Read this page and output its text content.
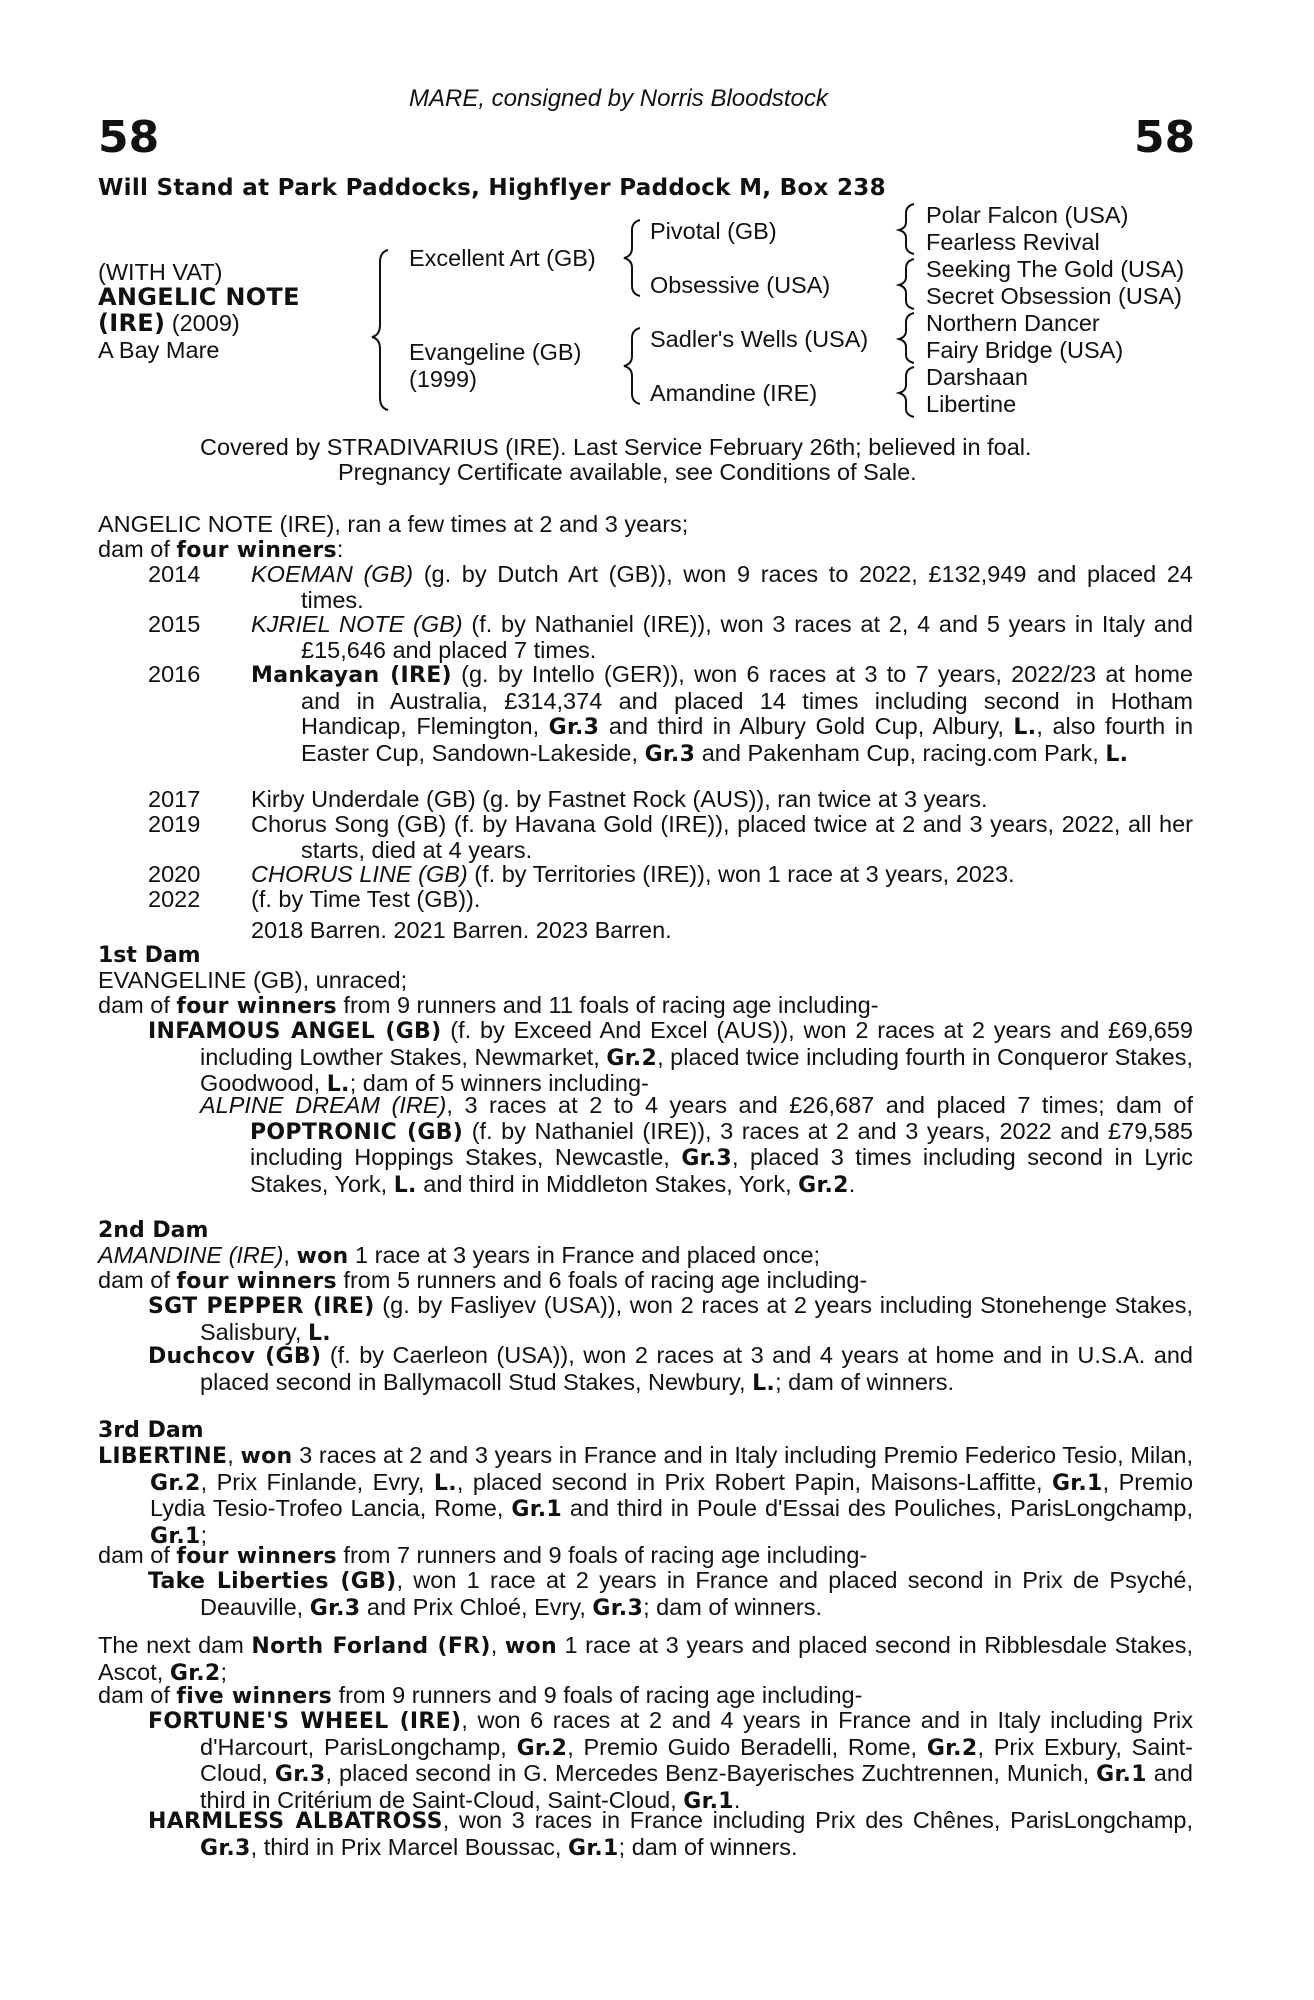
MARE, consigned by Norris Bloodstock
58	58
Will Stand at Park Paddocks, Highflyer Paddock M, Box 238
(WITH VAT)
ANGELIC NOTE
(IRE) (2009)
A Bay Mare
Excellent Art (GB)
Evangeline (GB)
(1999)
Pivotal (GB)
Obsessive (USA)
Sadler's Wells (USA)
Amandine (IRE)
Polar Falcon (USA)
Fearless Revival
Seeking The Gold (USA)
Secret Obsession (USA)
Northern Dancer
Fairy Bridge (USA)
Darshaan
Libertine
Covered by STRADIVARIUS (IRE). Last Service February 26th; believed in foal.
Pregnancy Certificate available, see Conditions of Sale.
ANGELIC NOTE (IRE), ran a few times at 2 and 3 years;
dam of four winners:
2014 KOEMAN (GB) (g. by Dutch Art (GB)), won 9 races to 2022, £132,949 and placed 24 times.
2015 KJRIEL NOTE (GB) (f. by Nathaniel (IRE)), won 3 races at 2, 4 and 5 years in Italy and £15,646 and placed 7 times.
2016 Mankayan (IRE) (g. by Intello (GER)), won 6 races at 3 to 7 years, 2022/23 at home and in Australia, £314,374 and placed 14 times including second in Hotham Handicap, Flemington, Gr.3 and third in Albury Gold Cup, Albury, L., also fourth in Easter Cup, Sandown-Lakeside, Gr.3 and Pakenham Cup, racing.com Park, L.
2017 Kirby Underdale (GB) (g. by Fastnet Rock (AUS)), ran twice at 3 years.
2019 Chorus Song (GB) (f. by Havana Gold (IRE)), placed twice at 2 and 3 years, 2022, all her starts, died at 4 years.
2020 CHORUS LINE (GB) (f. by Territories (IRE)), won 1 race at 3 years, 2023.
2022 (f. by Time Test (GB)).
2018 Barren. 2021 Barren. 2023 Barren.
1st Dam
EVANGELINE (GB), unraced;
dam of four winners from 9 runners and 11 foals of racing age including-
INFAMOUS ANGEL (GB) (f. by Exceed And Excel (AUS)), won 2 races at 2 years and £69,659 including Lowther Stakes, Newmarket, Gr.2, placed twice including fourth in Conqueror Stakes, Goodwood, L.; dam of 5 winners including-
ALPINE DREAM (IRE), 3 races at 2 to 4 years and £26,687 and placed 7 times; dam of POPTRONIC (GB) (f. by Nathaniel (IRE)), 3 races at 2 and 3 years, 2022 and £79,585 including Hoppings Stakes, Newcastle, Gr.3, placed 3 times including second in Lyric Stakes, York, L. and third in Middleton Stakes, York, Gr.2.
2nd Dam
AMANDINE (IRE), won 1 race at 3 years in France and placed once;
dam of four winners from 5 runners and 6 foals of racing age including-
SGT PEPPER (IRE) (g. by Fasliyev (USA)), won 2 races at 2 years including Stonehenge Stakes, Salisbury, L.
Duchcov (GB) (f. by Caerleon (USA)), won 2 races at 3 and 4 years at home and in U.S.A. and placed second in Ballymacoll Stud Stakes, Newbury, L.; dam of winners.
3rd Dam
LIBERTINE, won 3 races at 2 and 3 years in France and in Italy including Premio Federico Tesio, Milan, Gr.2, Prix Finlande, Evry, L., placed second in Prix Robert Papin, Maisons-Laffitte, Gr.1, Premio Lydia Tesio-Trofeo Lancia, Rome, Gr.1 and third in Poule d'Essai des Pouliches, ParisLongchamp, Gr.1;
dam of four winners from 7 runners and 9 foals of racing age including-
Take Liberties (GB), won 1 race at 2 years in France and placed second in Prix de Psyché, Deauville, Gr.3 and Prix Chloé, Evry, Gr.3; dam of winners.
The next dam North Forland (FR), won 1 race at 3 years and placed second in Ribblesdale Stakes, Ascot, Gr.2;
dam of five winners from 9 runners and 9 foals of racing age including-
FORTUNE'S WHEEL (IRE), won 6 races at 2 and 4 years in France and in Italy including Prix d'Harcourt, ParisLongchamp, Gr.2, Premio Guido Beradelli, Rome, Gr.2, Prix Exbury, Saint-Cloud, Gr.3, placed second in G. Mercedes Benz-Bayerisches Zuchtrennen, Munich, Gr.1 and third in Critérium de Saint-Cloud, Saint-Cloud, Gr.1.
HARMLESS ALBATROSS, won 3 races in France including Prix des Chênes, ParisLongchamp, Gr.3, third in Prix Marcel Boussac, Gr.1; dam of winners.
